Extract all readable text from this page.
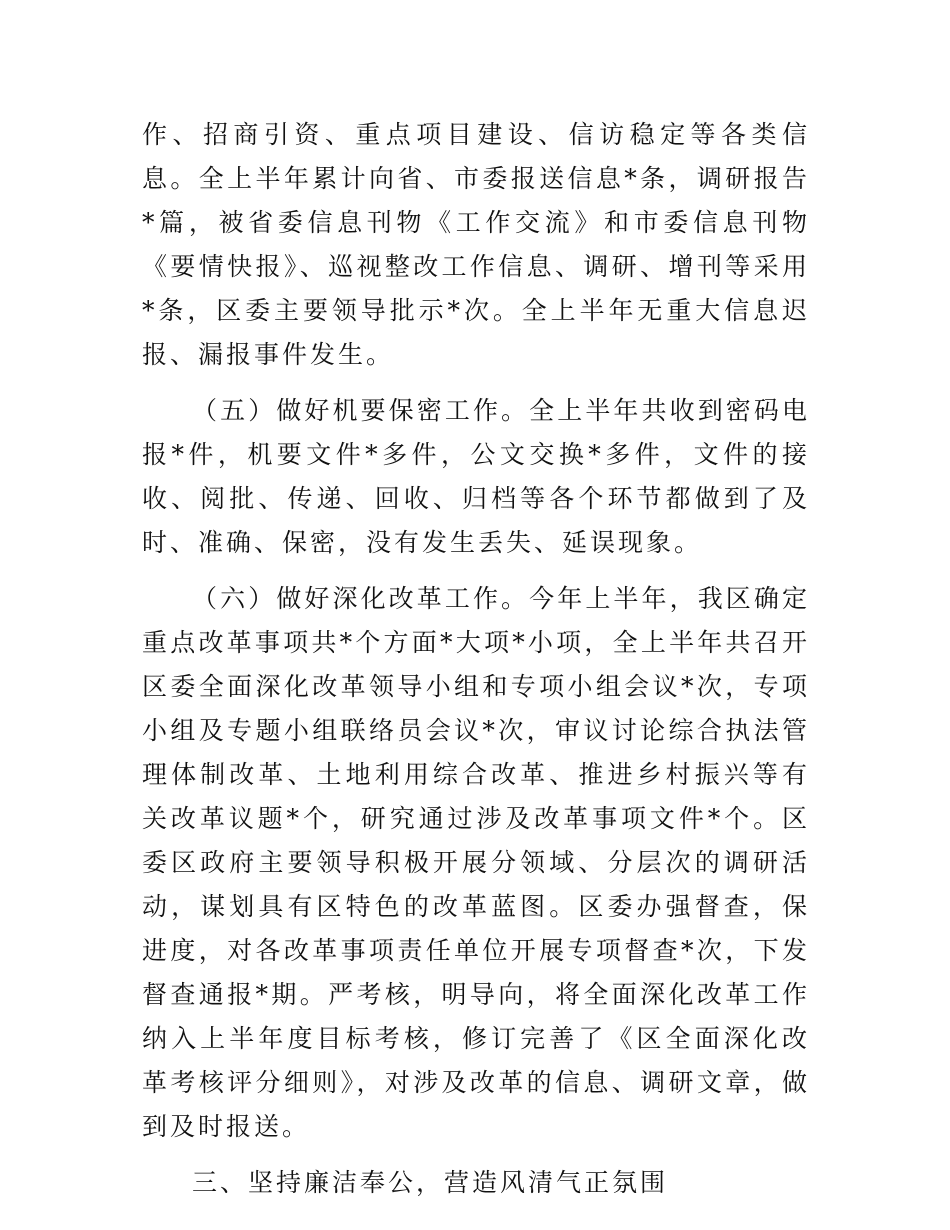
作、招商引资、重点项目建设、信访稳定等各类信息。全上半年累计向省、市委报送信息*条，调研报告*篇，被省委信息刊物《工作交流》和市委信息刊物《要情快报》、巡视整改工作信息、调研、增刊等采用*条，区委主要领导批示*次。全上半年无重大信息迟报、漏报事件发生。

（五）做好机要保密工作。全上半年共收到密码电报*件，机要文件*多件，公文交换*多件，文件的接收、阅批、传递、回收、归档等各个环节都做到了及时、准确、保密，没有发生丢失、延误现象。

（六）做好深化改革工作。今年上半年，我区确定重点改革事项共*个方面*大项*小项，全上半年共召开区委全面深化改革领导小组和专项小组会议*次，专项小组及专题小组联络员会议*次，审议讨论综合执法管理体制改革、土地利用综合改革、推进乡村振兴等有关改革议题*个，研究通过涉及改革事项文件*个。区委区政府主要领导积极开展分领域、分层次的调研活动，谋划具有区特色的改革蓝图。区委办强督查，保进度，对各改革事项责任单位开展专项督查*次，下发督查通报*期。严考核，明导向，将全面深化改革工作纳入上半年度目标考核，修订完善了《区全面深化改革考核评分细则》，对涉及改革的信息、调研文章，做到及时报送。

三、坚持廉洁奉公，营造风清气正氛围
